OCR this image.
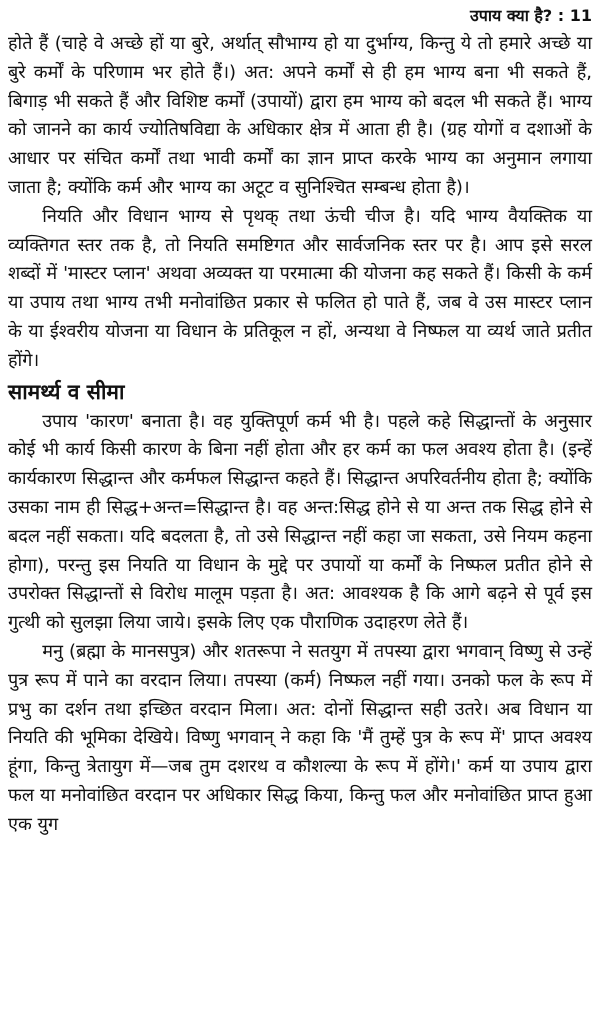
उपाय क्या है? : 11

होते हैं (चाहे वे अच्छे हों या बुरे, अर्थात् सौभाग्य हो या दुर्भाग्य, किन्तु ये तो हमारे अच्छे या बुरे कर्मों के परिणाम भर होते हैं।) अत: अपने कर्मों से ही हम भाग्य बना भी सकते हैं, बिगाड़ भी सकते हैं और विशिष्ट कर्मों (उपायों) द्वारा हम भाग्य को बदल भी सकते हैं। भाग्य को जानने का कार्य ज्योतिषविद्या के अधिकार क्षेत्र में आता ही है। (ग्रह योगों व दशाओं के आधार पर संचित कर्मों तथा भावी कर्मों का ज्ञान प्राप्त करके भाग्य का अनुमान लगाया जाता है; क्योंकि कर्म और भाग्य का अटूट व सुनिश्चित सम्बन्ध होता है)।

नियति और विधान भाग्य से पृथक् तथा ऊंची चीज है। यदि भाग्य वैयक्तिक या व्यक्तिगत स्तर तक है, तो नियति समष्टिगत और सार्वजनिक स्तर पर है। आप इसे सरल शब्दों में 'मास्टर प्लान' अथवा अव्यक्त या परमात्मा की योजना कह सकते हैं। किसी के कर्म या उपाय तथा भाग्य तभी मनोवांछित प्रकार से फलित हो पाते हैं, जब वे उस मास्टर प्लान के या ईश्वरीय योजना या विधान के प्रतिकूल न हों, अन्यथा वे निष्फल या व्यर्थ जाते प्रतीत होंगे।

सामर्थ्य व सीमा

उपाय 'कारण' बनाता है। वह युक्तिपूर्ण कर्म भी है। पहले कहे सिद्धान्तों के अनुसार कोई भी कार्य किसी कारण के बिना नहीं होता और हर कर्म का फल अवश्य होता है। (इन्हें कार्यकारण सिद्धान्त और कर्मफल सिद्धान्त कहते हैं। सिद्धान्त अपरिवर्तनीय होता है; क्योंकि उसका नाम ही सिद्ध+अन्त=सिद्धान्त है। वह अन्त:सिद्ध होने से या अन्त तक सिद्ध होने से बदल नहीं सकता। यदि बदलता है, तो उसे सिद्धान्त नहीं कहा जा सकता, उसे नियम कहना होगा), परन्तु इस नियति या विधान के मुद्दे पर उपायों या कर्मों के निष्फल प्रतीत होने से उपरोक्त सिद्धान्तों से विरोध मालूम पड़ता है। अत: आवश्यक है कि आगे बढ़ने से पूर्व इस गुत्थी को सुलझा लिया जाये। इसके लिए एक पौराणिक उदाहरण लेते हैं।

मनु (ब्रह्मा के मानसपुत्र) और शतरूपा ने सतयुग में तपस्या द्वारा भगवान् विष्णु से उन्हें पुत्र रूप में पाने का वरदान लिया। तपस्या (कर्म) निष्फल नहीं गया। उनको फल के रूप में प्रभु का दर्शन तथा इच्छित वरदान मिला। अत: दोनों सिद्धान्त सही उतरे। अब विधान या नियति की भूमिका देखिये। विष्णु भगवान् ने कहा कि 'मैं तुम्हें पुत्र के रूप में' प्राप्त अवश्य हूंगा, किन्तु त्रेतायुग में—जब तुम दशरथ व कौशल्या के रूप में होंगे।' कर्म या उपाय द्वारा फल या मनोवांछित वरदान पर अधिकार सिद्ध किया, किन्तु फल और मनोवांछित प्राप्त हुआ एक युग
